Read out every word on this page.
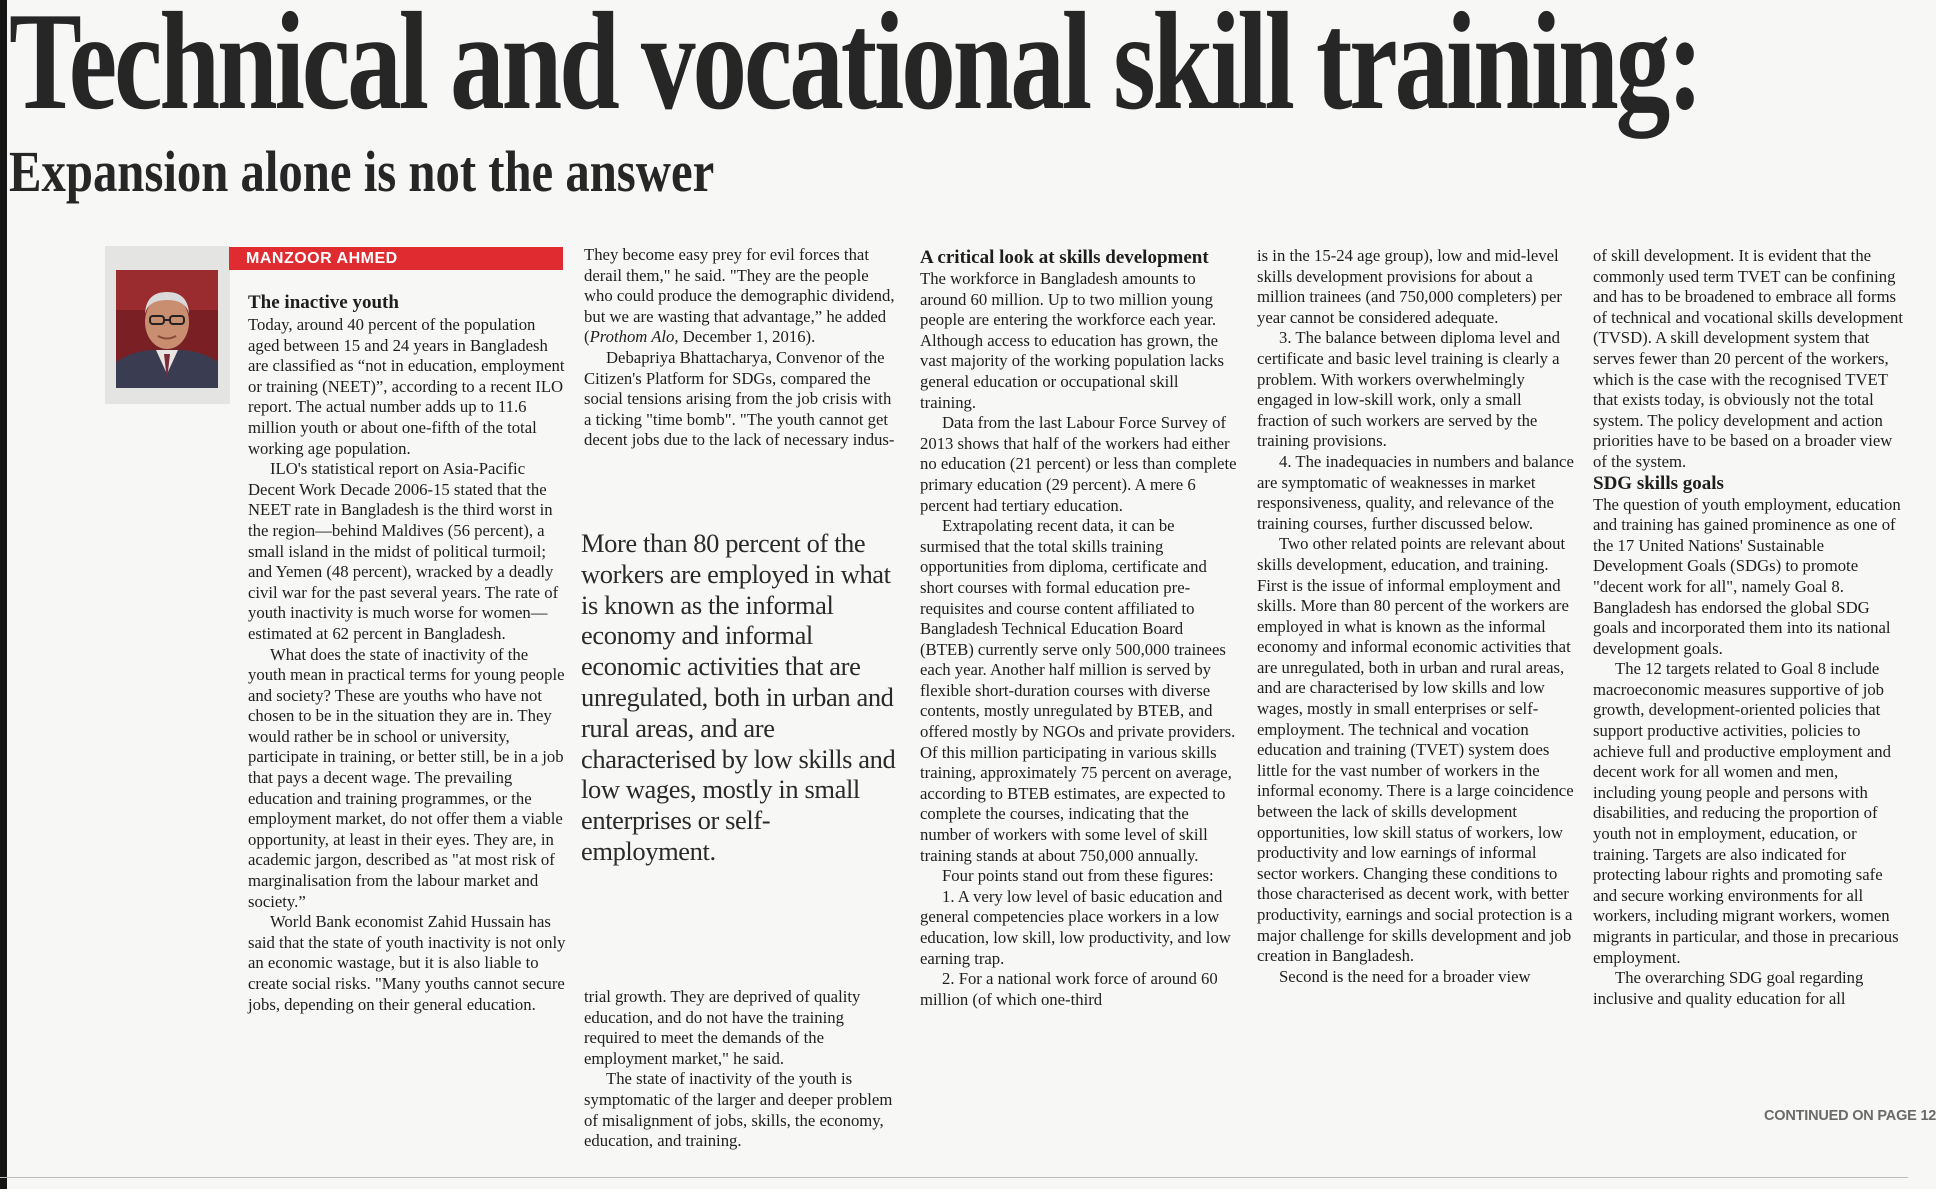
Technical and vocational skill training:
Expansion alone is not the answer
MANZOOR AHMED
The inactive youth

Today, around 40 percent of the population aged between 15 and 24 years in Bangladesh are classified as “not in education, employment or training (NEET)”, according to a recent ILO report. The actual number adds up to 11.6 million youth or about one-fifth of the total working age population.

ILO's statistical report on Asia-Pacific Decent Work Decade 2006-15 stated that the NEET rate in Bangladesh is the third worst in the region—behind Maldives (56 percent), a small island in the midst of political turmoil; and Yemen (48 percent), wracked by a deadly civil war for the past several years. The rate of youth inactivity is much worse for women—estimated at 62 percent in Bangladesh.

What does the state of inactivity of the youth mean in practical terms for young people and society? These are youths who have not chosen to be in the situation they are in. They would rather be in school or university, participate in training, or better still, be in a job that pays a decent wage. The prevailing education and training programmes, or the employment market, do not offer them a viable opportunity, at least in their eyes. They are, in academic jargon, described as "at most risk of marginalisation from the labour market and society.”

World Bank economist Zahid Hussain has said that the state of youth inactivity is not only an economic wastage, but it is also liable to create social risks. "Many youths cannot secure jobs, depending on their general education.

They become easy prey for evil forces that derail them," he said. "They are the people who could produce the demographic dividend, but we are wasting that advantage,” he added (Prothom Alo, December 1, 2016).

Debapriya Bhattacharya, Convenor of the Citizen's Platform for SDGs, compared the social tensions arising from the job crisis with a ticking "time bomb". "The youth cannot get decent jobs due to the lack of necessary indus-

More than 80 percent of the workers are employed in what is known as the informal economy and informal economic activities that are unregulated, both in urban and rural areas, and are characterised by low skills and low wages, mostly in small enterprises or self-employment.

trial growth. They are deprived of quality education, and do not have the training required to meet the demands of the employment market," he said.

The state of inactivity of the youth is symptomatic of the larger and deeper problem of misalignment of jobs, skills, the economy, education, and training.

A critical look at skills development

The workforce in Bangladesh amounts to around 60 million. Up to two million young people are entering the workforce each year. Although access to education has grown, the vast majority of the working population lacks general education or occupational skill training.

Data from the last Labour Force Survey of 2013 shows that half of the workers had either no education (21 percent) or less than complete primary education (29 percent). A mere 6 percent had tertiary education.

Extrapolating recent data, it can be surmised that the total skills training opportunities from diploma, certificate and short courses with formal education pre-requisites and course content affiliated to Bangladesh Technical Education Board (BTEB) currently serve only 500,000 trainees each year. Another half million is served by flexible short-duration courses with diverse contents, mostly unregulated by BTEB, and offered mostly by NGOs and private providers. Of this million participating in various skills training, approximately 75 percent on average, according to BTEB estimates, are expected to complete the courses, indicating that the number of workers with some level of skill training stands at about 750,000 annually.

Four points stand out from these figures:

1. A very low level of basic education and general competencies place workers in a low education, low skill, low productivity, and low earning trap.

2. For a national work force of around 60 million (of which one-third

is in the 15-24 age group), low and mid-level skills development provisions for about a million trainees (and 750,000 completers) per year cannot be considered adequate.

3. The balance between diploma level and certificate and basic level training is clearly a problem. With workers overwhelmingly engaged in low-skill work, only a small fraction of such workers are served by the training provisions.

4. The inadequacies in numbers and balance are symptomatic of weaknesses in market responsiveness, quality, and relevance of the training courses, further discussed below.

Two other related points are relevant about skills development, education, and training. First is the issue of informal employment and skills. More than 80 percent of the workers are employed in what is known as the informal economy and informal economic activities that are unregulated, both in urban and rural areas, and are characterised by low skills and low wages, mostly in small enterprises or self-employment. The technical and vocation education and training (TVET) system does little for the vast number of workers in the informal economy. There is a large coincidence between the lack of skills development opportunities, low skill status of workers, low productivity and low earnings of informal sector workers. Changing these conditions to those characterised as decent work, with better productivity, earnings and social protection is a major challenge for skills development and job creation in Bangladesh.

Second is the need for a broader view

of skill development. It is evident that the commonly used term TVET can be confining and has to be broadened to embrace all forms of technical and vocational skills development (TVSD). A skill development system that serves fewer than 20 percent of the workers, which is the case with the recognised TVET that exists today, is obviously not the total system. The policy development and action priorities have to be based on a broader view of the system.

SDG skills goals

The question of youth employment, education and training has gained prominence as one of the 17 United Nations' Sustainable Development Goals (SDGs) to promote "decent work for all", namely Goal 8. Bangladesh has endorsed the global SDG goals and incorporated them into its national development goals.

The 12 targets related to Goal 8 include macroeconomic measures supportive of job growth, development-oriented policies that support productive activities, policies to achieve full and productive employment and decent work for all women and men, including young people and persons with disabilities, and reducing the proportion of youth not in employment, education, or training. Targets are also indicated for protecting labour rights and promoting safe and secure working environments for all workers, including migrant workers, women migrants in particular, and those in precarious employment.

The overarching SDG goal regarding inclusive and quality education for all

CONTINUED ON PAGE 12
